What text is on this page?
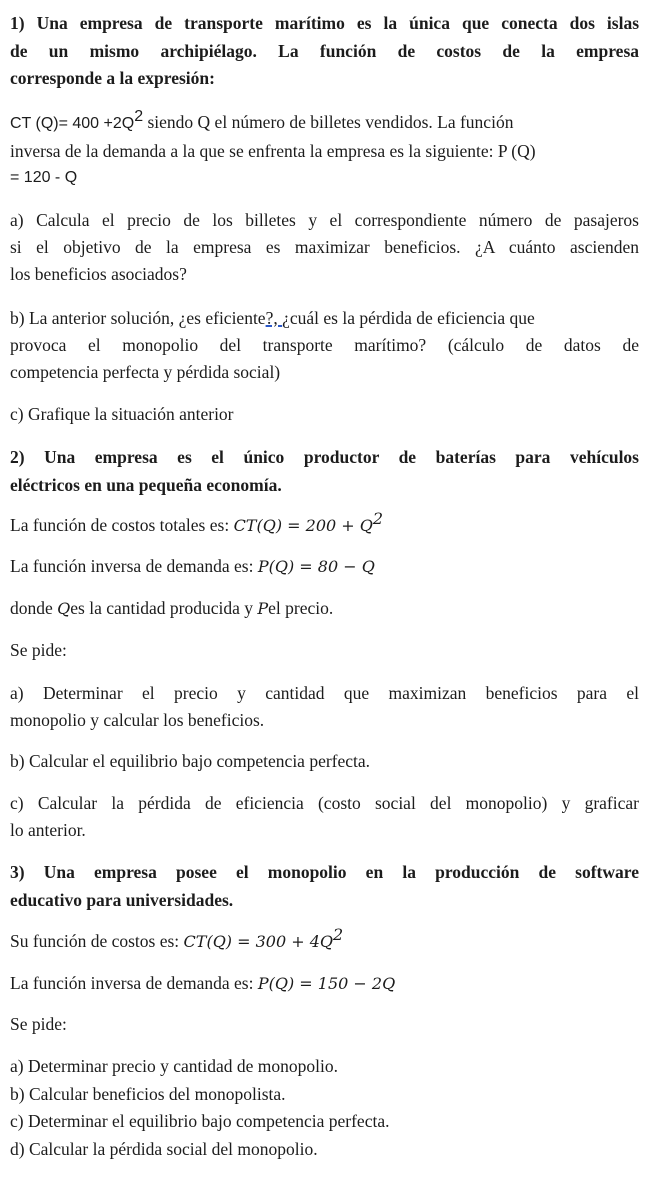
1) Una empresa de transporte marítimo es la única que conecta dos islas
de un mismo archipiélago. La función de costos de la empresa
corresponde a la expresión:
CT $(Q)= 400 +2Q^2$ siendo Q el número de billetes vendidos. La función
inversa de la demanda a la que se enfrenta la empresa es la siguiente: P (Q)
= 120 - Q
a) Calcula el precio de los billetes y el correspondiente número de pasajeros
si el objetivo de la empresa es maximizar beneficios. ¿A cuánto ascienden
los beneficios asociados?
b) La anterior solución, ¿es eficiente?, ¿cuál es la pérdida de eficiencia que
provoca el monopolio del transporte marítimo? (cálculo de datos de
competencia perfecta y pérdida social)
c) Grafique la situación anterior
2) Una empresa es el único productor de baterías para vehículos
eléctricos en una pequeña economía.
La función de costos totales es: $CT(Q) = 200 + Q^2$
La función inversa de demanda es: P(Q) = 80 − Q
donde Qes la cantidad producida y Pel precio.
Se pide:
a) Determinar el precio y cantidad que maximizan beneficios para el
monopolio y calcular los beneficios.
b) Calcular el equilibrio bajo competencia perfecta.
c) Calcular la pérdida de eficiencia (costo social del monopolio) y graficar
lo anterior.
3) Una empresa posee el monopolio en la producción de software
educativo para universidades.
Su función de costos es: $CT(Q) = 300 + 4Q^2$
La función inversa de demanda es: P(Q) = 150 − 2Q
Se pide:
a) Determinar precio y cantidad de monopolio.
b) Calcular beneficios del monopolista.
c) Determinar el equilibrio bajo competencia perfecta.
d) Calcular la pérdida social del monopolio.
